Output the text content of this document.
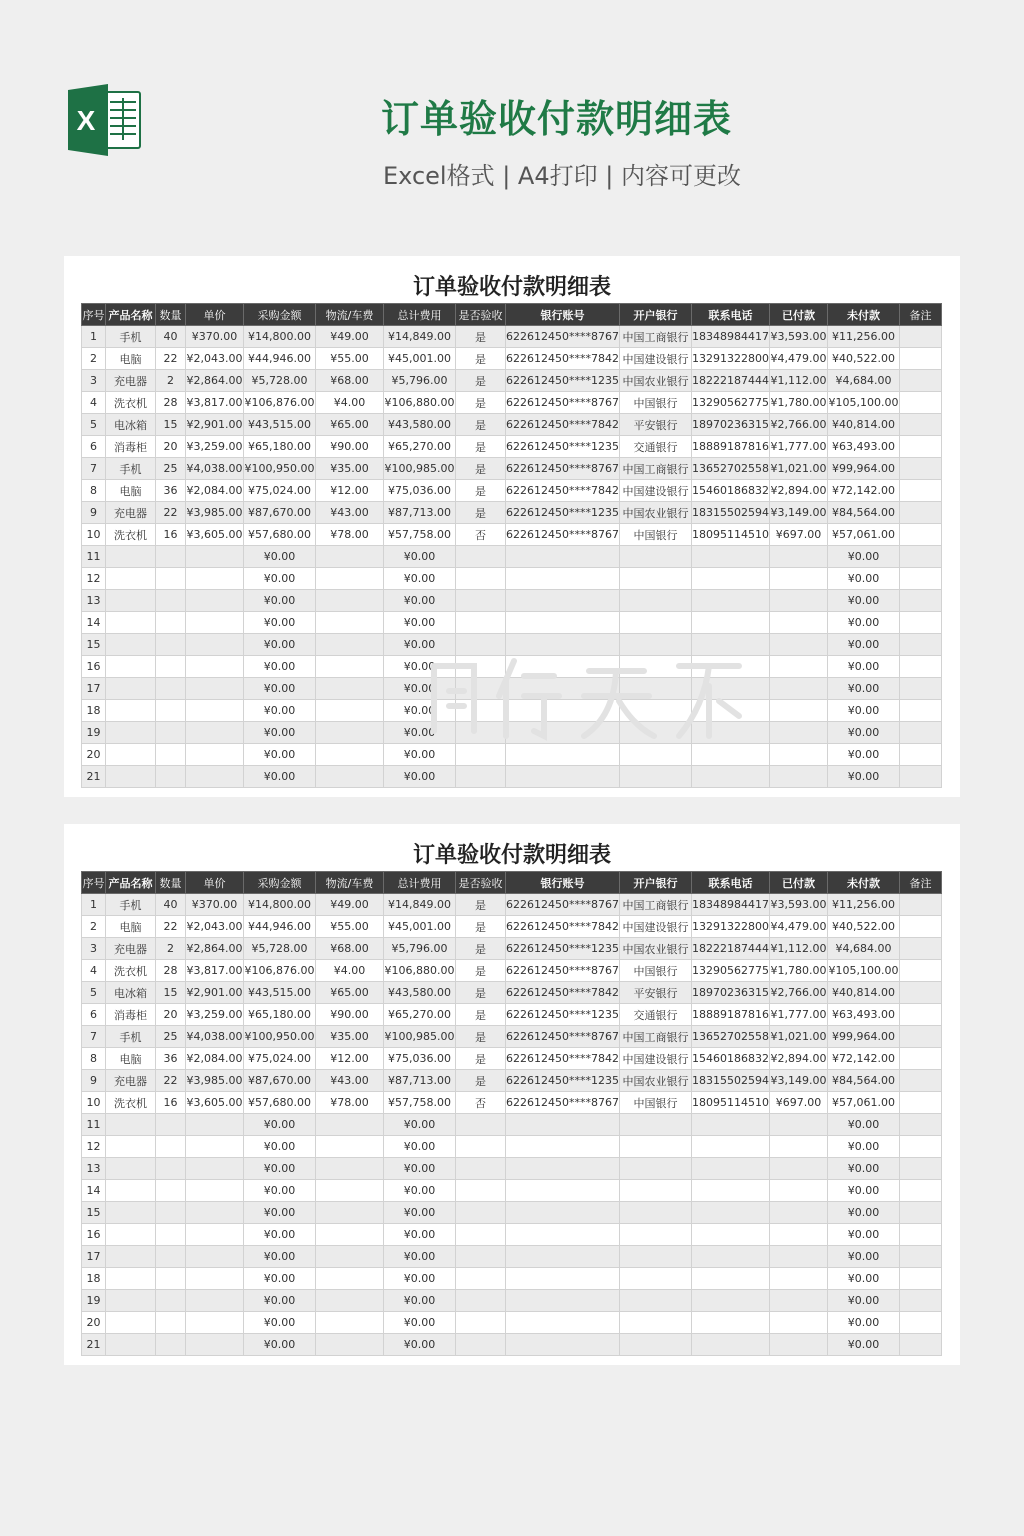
X	订单验收付款明细表
Excel格式 | A4打印 | 内容可更改
订单验收付款明细表
序号	产品名称	数量	单价	采购金额	物流/车费	总计费用	是否验收	银行账号	开户银行	联系电话	已付款	未付款	备注
1	手机	40	¥370.00	¥14,800.00	¥49.00	¥14,849.00	是	622612450****8767	中国工商银行	18348984417	¥3,593.00	¥11,256.00	
2	电脑	22	¥2,043.00	¥44,946.00	¥55.00	¥45,001.00	是	622612450****7842	中国建设银行	13291322800	¥4,479.00	¥40,522.00	
3	充电器	2	¥2,864.00	¥5,728.00	¥68.00	¥5,796.00	是	622612450****1235	中国农业银行	18222187444	¥1,112.00	¥4,684.00	
4	洗衣机	28	¥3,817.00	¥106,876.00	¥4.00	¥106,880.00	是	622612450****8767	中国银行	13290562775	¥1,780.00	¥105,100.00	
5	电冰箱	15	¥2,901.00	¥43,515.00	¥65.00	¥43,580.00	是	622612450****7842	平安银行	18970236315	¥2,766.00	¥40,814.00	
6	消毒柜	20	¥3,259.00	¥65,180.00	¥90.00	¥65,270.00	是	622612450****1235	交通银行	18889187816	¥1,777.00	¥63,493.00	
7	手机	25	¥4,038.00	¥100,950.00	¥35.00	¥100,985.00	是	622612450****8767	中国工商银行	13652702558	¥1,021.00	¥99,964.00	
8	电脑	36	¥2,084.00	¥75,024.00	¥12.00	¥75,036.00	是	622612450****7842	中国建设银行	15460186832	¥2,894.00	¥72,142.00	
9	充电器	22	¥3,985.00	¥87,670.00	¥43.00	¥87,713.00	是	622612450****1235	中国农业银行	18315502594	¥3,149.00	¥84,564.00	
10	洗衣机	16	¥3,605.00	¥57,680.00	¥78.00	¥57,758.00	否	622612450****8767	中国银行	18095114510	¥697.00	¥57,061.00	
11				¥0.00		¥0.00						¥0.00	
12				¥0.00		¥0.00						¥0.00	
13				¥0.00		¥0.00						¥0.00	
14				¥0.00		¥0.00						¥0.00	
15				¥0.00		¥0.00						¥0.00	
16				¥0.00		¥0.00						¥0.00	
17				¥0.00		¥0.00						¥0.00	
18				¥0.00		¥0.00						¥0.00	
19				¥0.00		¥0.00						¥0.00	
20				¥0.00		¥0.00						¥0.00	
21				¥0.00		¥0.00						¥0.00	
订单验收付款明细表
序号	产品名称	数量	单价	采购金额	物流/车费	总计费用	是否验收	银行账号	开户银行	联系电话	已付款	未付款	备注
1	手机	40	¥370.00	¥14,800.00	¥49.00	¥14,849.00	是	622612450****8767	中国工商银行	18348984417	¥3,593.00	¥11,256.00	
2	电脑	22	¥2,043.00	¥44,946.00	¥55.00	¥45,001.00	是	622612450****7842	中国建设银行	13291322800	¥4,479.00	¥40,522.00	
3	充电器	2	¥2,864.00	¥5,728.00	¥68.00	¥5,796.00	是	622612450****1235	中国农业银行	18222187444	¥1,112.00	¥4,684.00	
4	洗衣机	28	¥3,817.00	¥106,876.00	¥4.00	¥106,880.00	是	622612450****8767	中国银行	13290562775	¥1,780.00	¥105,100.00	
5	电冰箱	15	¥2,901.00	¥43,515.00	¥65.00	¥43,580.00	是	622612450****7842	平安银行	18970236315	¥2,766.00	¥40,814.00	
6	消毒柜	20	¥3,259.00	¥65,180.00	¥90.00	¥65,270.00	是	622612450****1235	交通银行	18889187816	¥1,777.00	¥63,493.00	
7	手机	25	¥4,038.00	¥100,950.00	¥35.00	¥100,985.00	是	622612450****8767	中国工商银行	13652702558	¥1,021.00	¥99,964.00	
8	电脑	36	¥2,084.00	¥75,024.00	¥12.00	¥75,036.00	是	622612450****7842	中国建设银行	15460186832	¥2,894.00	¥72,142.00	
9	充电器	22	¥3,985.00	¥87,670.00	¥43.00	¥87,713.00	是	622612450****1235	中国农业银行	18315502594	¥3,149.00	¥84,564.00	
10	洗衣机	16	¥3,605.00	¥57,680.00	¥78.00	¥57,758.00	否	622612450****8767	中国银行	18095114510	¥697.00	¥57,061.00	
11				¥0.00		¥0.00						¥0.00	
12				¥0.00		¥0.00						¥0.00	
13				¥0.00		¥0.00						¥0.00	
14				¥0.00		¥0.00						¥0.00	
15				¥0.00		¥0.00						¥0.00	
16				¥0.00		¥0.00						¥0.00	
17				¥0.00		¥0.00						¥0.00	
18				¥0.00		¥0.00						¥0.00	
19				¥0.00		¥0.00						¥0.00	
20				¥0.00		¥0.00						¥0.00	
21				¥0.00		¥0.00						¥0.00	
